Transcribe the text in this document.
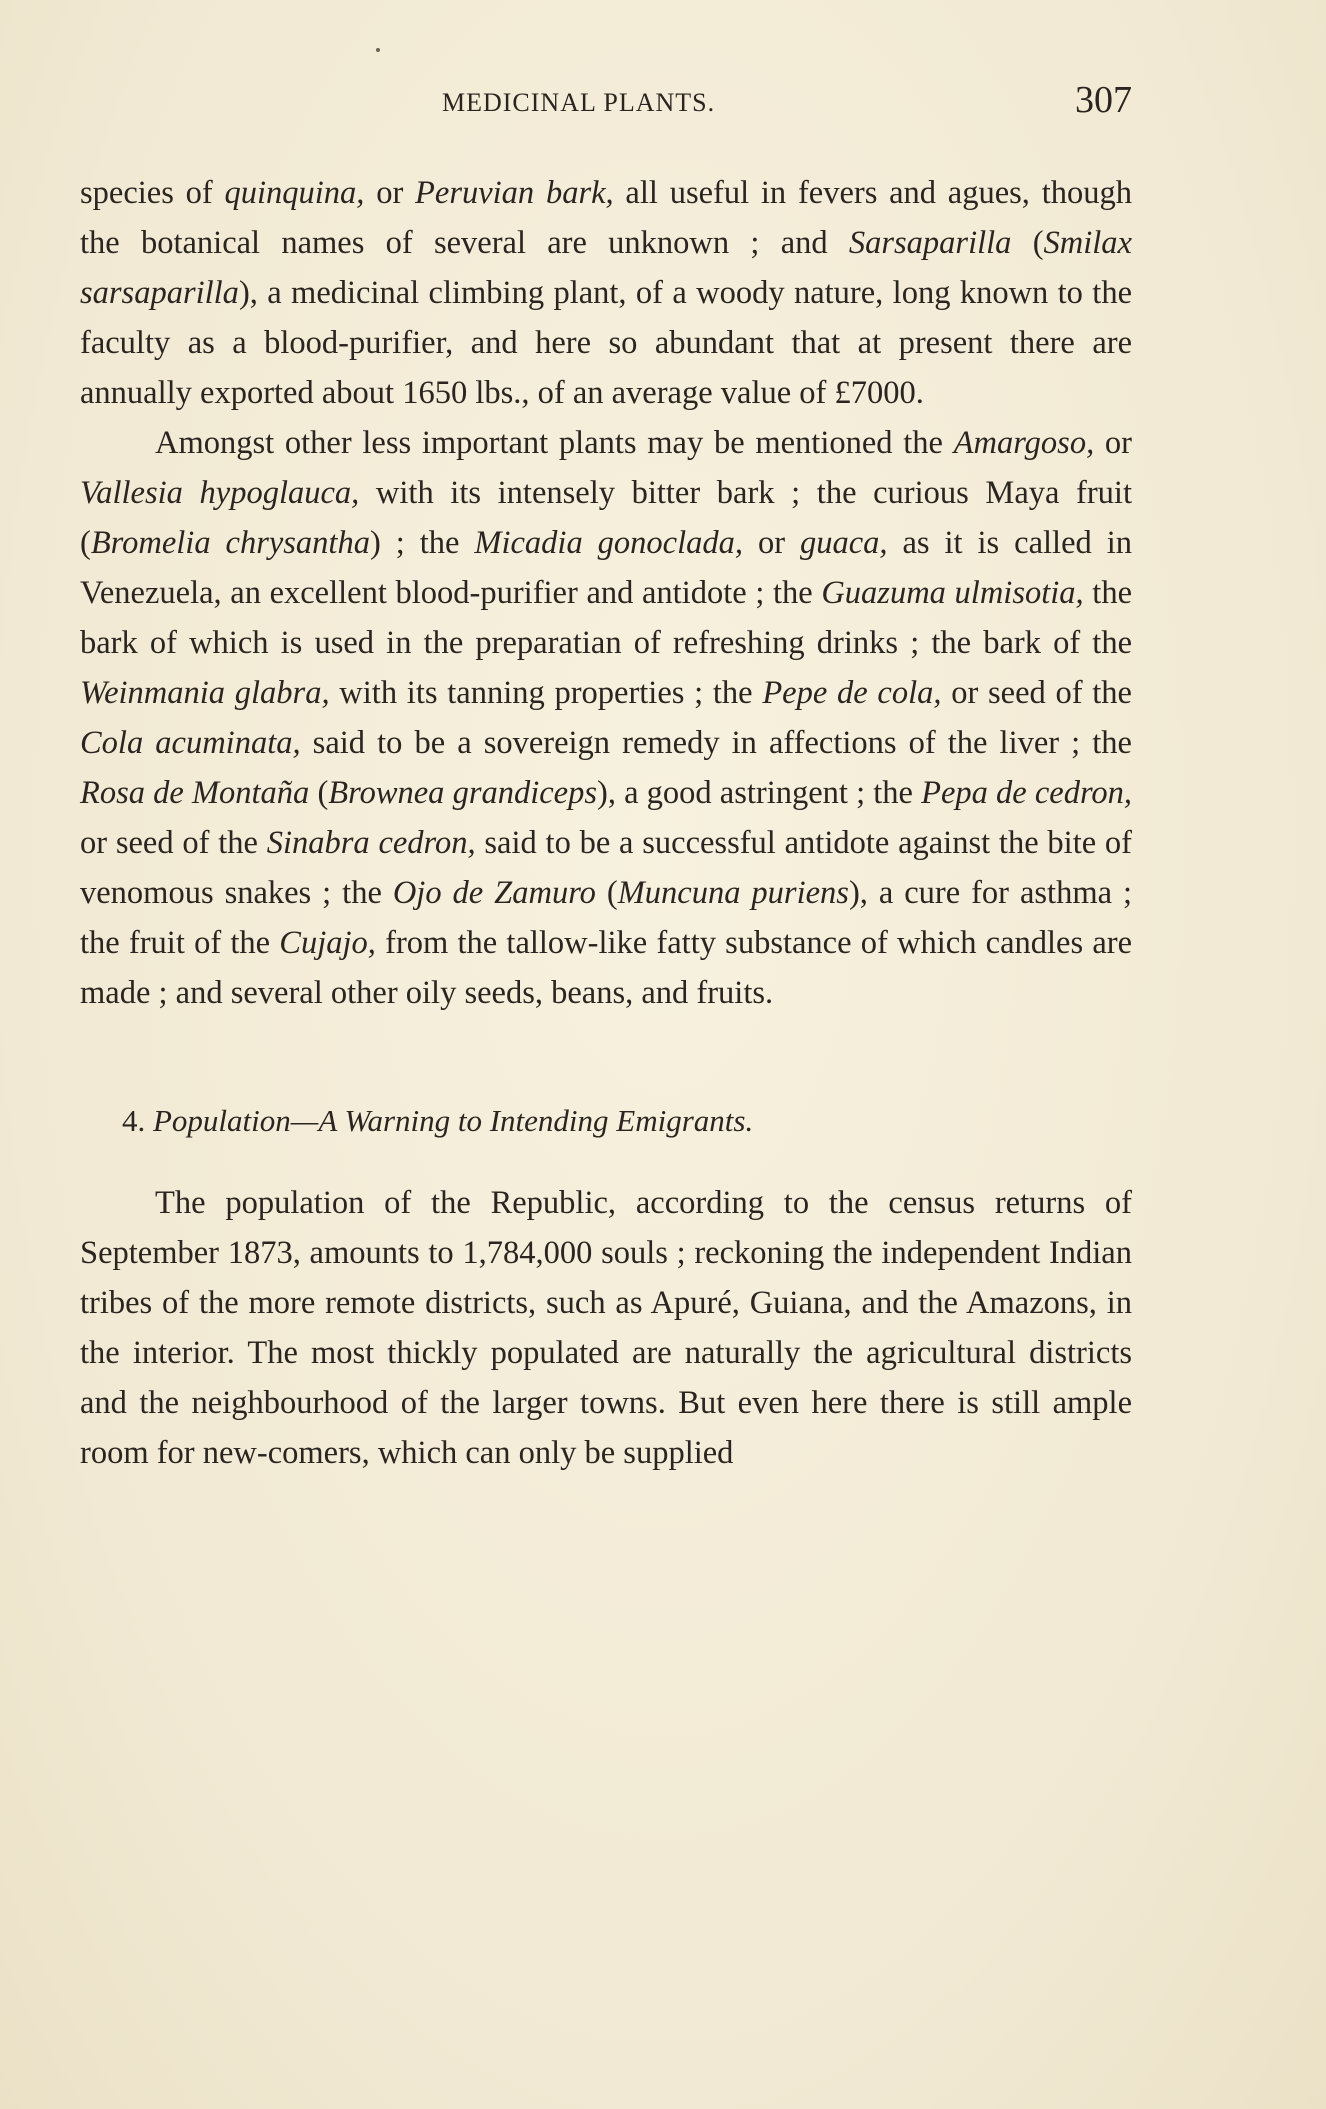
MEDICINAL PLANTS.	307

species of quinquina, or Peruvian bark, all useful in fevers and agues, though the botanical names of several are unknown ; and Sarsaparilla (Smilax sarsaparilla), a medicinal climbing plant, of a woody nature, long known to the faculty as a blood-purifier, and here so abundant that at present there are annually exported about 1650 lbs., of an average value of £7000.

Amongst other less important plants may be mentioned the Amargoso, or Vallesia hypoglauca, with its intensely bitter bark ; the curious Maya fruit (Bromelia chrysantha) ; the Micadia gonoclada, or guaca, as it is called in Venezuela, an excellent blood-purifier and antidote ; the Guazuma ulmisotia, the bark of which is used in the preparatian of refreshing drinks ; the bark of the Weinmania glabra, with its tanning properties ; the Pepe de cola, or seed of the Cola acuminata, said to be a sovereign remedy in affections of the liver ; the Rosa de Montaña (Brownea grandiceps), a good astringent ; the Pepa de cedron, or seed of the Sinabra cedron, said to be a successful antidote against the bite of venomous snakes ; the Ojo de Zamuro (Muncuna puriens), a cure for asthma ; the fruit of the Cujajo, from the tallow-like fatty substance of which candles are made ; and several other oily seeds, beans, and fruits.

4. Population—A Warning to Intending Emigrants.

The population of the Republic, according to the census returns of September 1873, amounts to 1,784,000 souls ; reckoning the independent Indian tribes of the more remote districts, such as Apuré, Guiana, and the Amazons, in the interior. The most thickly populated are naturally the agricultural districts and the neighbourhood of the larger towns. But even here there is still ample room for new-comers, which can only be supplied
